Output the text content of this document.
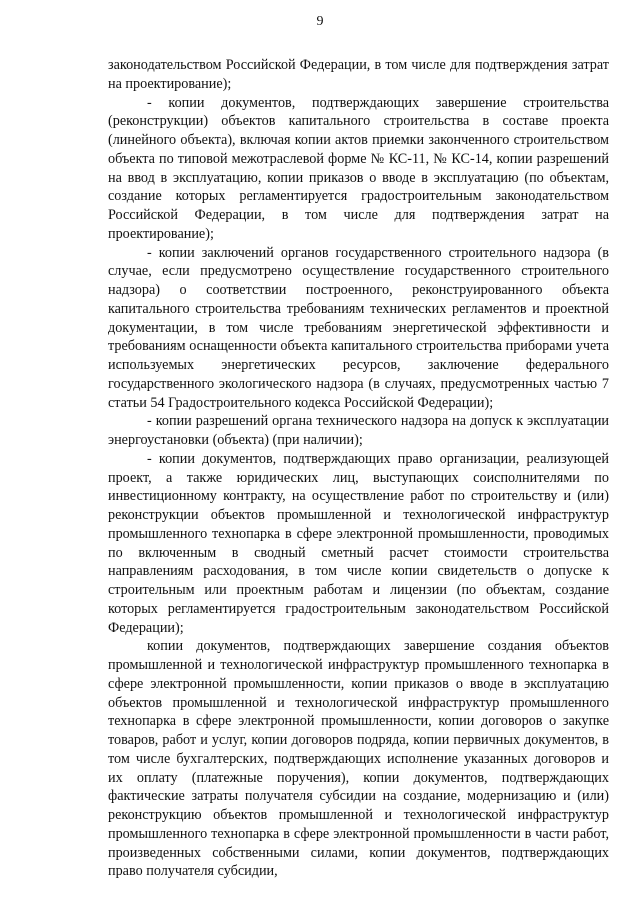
9

законодательством Российской Федерации, в том числе для подтверждения затрат на проектирование);

- копии документов, подтверждающих завершение строительства (реконструкции) объектов капитального строительства в составе проекта (линейного объекта), включая копии актов приемки законченного строительством объекта по типовой межотраслевой форме № КС-11, № КС-14, копии разрешений на ввод в эксплуатацию, копии приказов о вводе в эксплуатацию (по объектам, создание которых регламентируется градостроительным законодательством Российской Федерации, в том числе для подтверждения затрат на проектирование);

- копии заключений органов государственного строительного надзора (в случае, если предусмотрено осуществление государственного строительного надзора) о соответствии построенного, реконструированного объекта капитального строительства требованиям технических регламентов и проектной документации, в том числе требованиям энергетической эффективности и требованиям оснащенности объекта капитального строительства приборами учета используемых энергетических ресурсов, заключение федерального государственного экологического надзора (в случаях, предусмотренных частью 7 статьи 54 Градостроительного кодекса Российской Федерации);

- копии разрешений органа технического надзора на допуск к эксплуатации энергоустановки (объекта) (при наличии);

- копии документов, подтверждающих право организации, реализующей проект, а также юридических лиц, выступающих соисполнителями по инвестиционному контракту, на осуществление работ по строительству и (или) реконструкции объектов промышленной и технологической инфраструктур промышленного технопарка в сфере электронной промышленности, проводимых по включенным в сводный сметный расчет стоимости строительства направлениям расходования, в том числе копии свидетельств о допуске к строительным или проектным работам и лицензии (по объектам, создание которых регламентируется градостроительным законодательством Российской Федерации);

копии документов, подтверждающих завершение создания объектов промышленной и технологической инфраструктур промышленного технопарка в сфере электронной промышленности, копии приказов о вводе в эксплуатацию объектов промышленной и технологической инфраструктур промышленного технопарка в сфере электронной промышленности, копии договоров о закупке товаров, работ и услуг, копии договоров подряда, копии первичных документов, в том числе бухгалтерских, подтверждающих исполнение указанных договоров и их оплату (платежные поручения), копии документов, подтверждающих фактические затраты получателя субсидии на создание, модернизацию и (или) реконструкцию объектов промышленной и технологической инфраструктур промышленного технопарка в сфере электронной промышленности в части работ, произведенных собственными силами, копии документов, подтверждающих право получателя субсидии,
